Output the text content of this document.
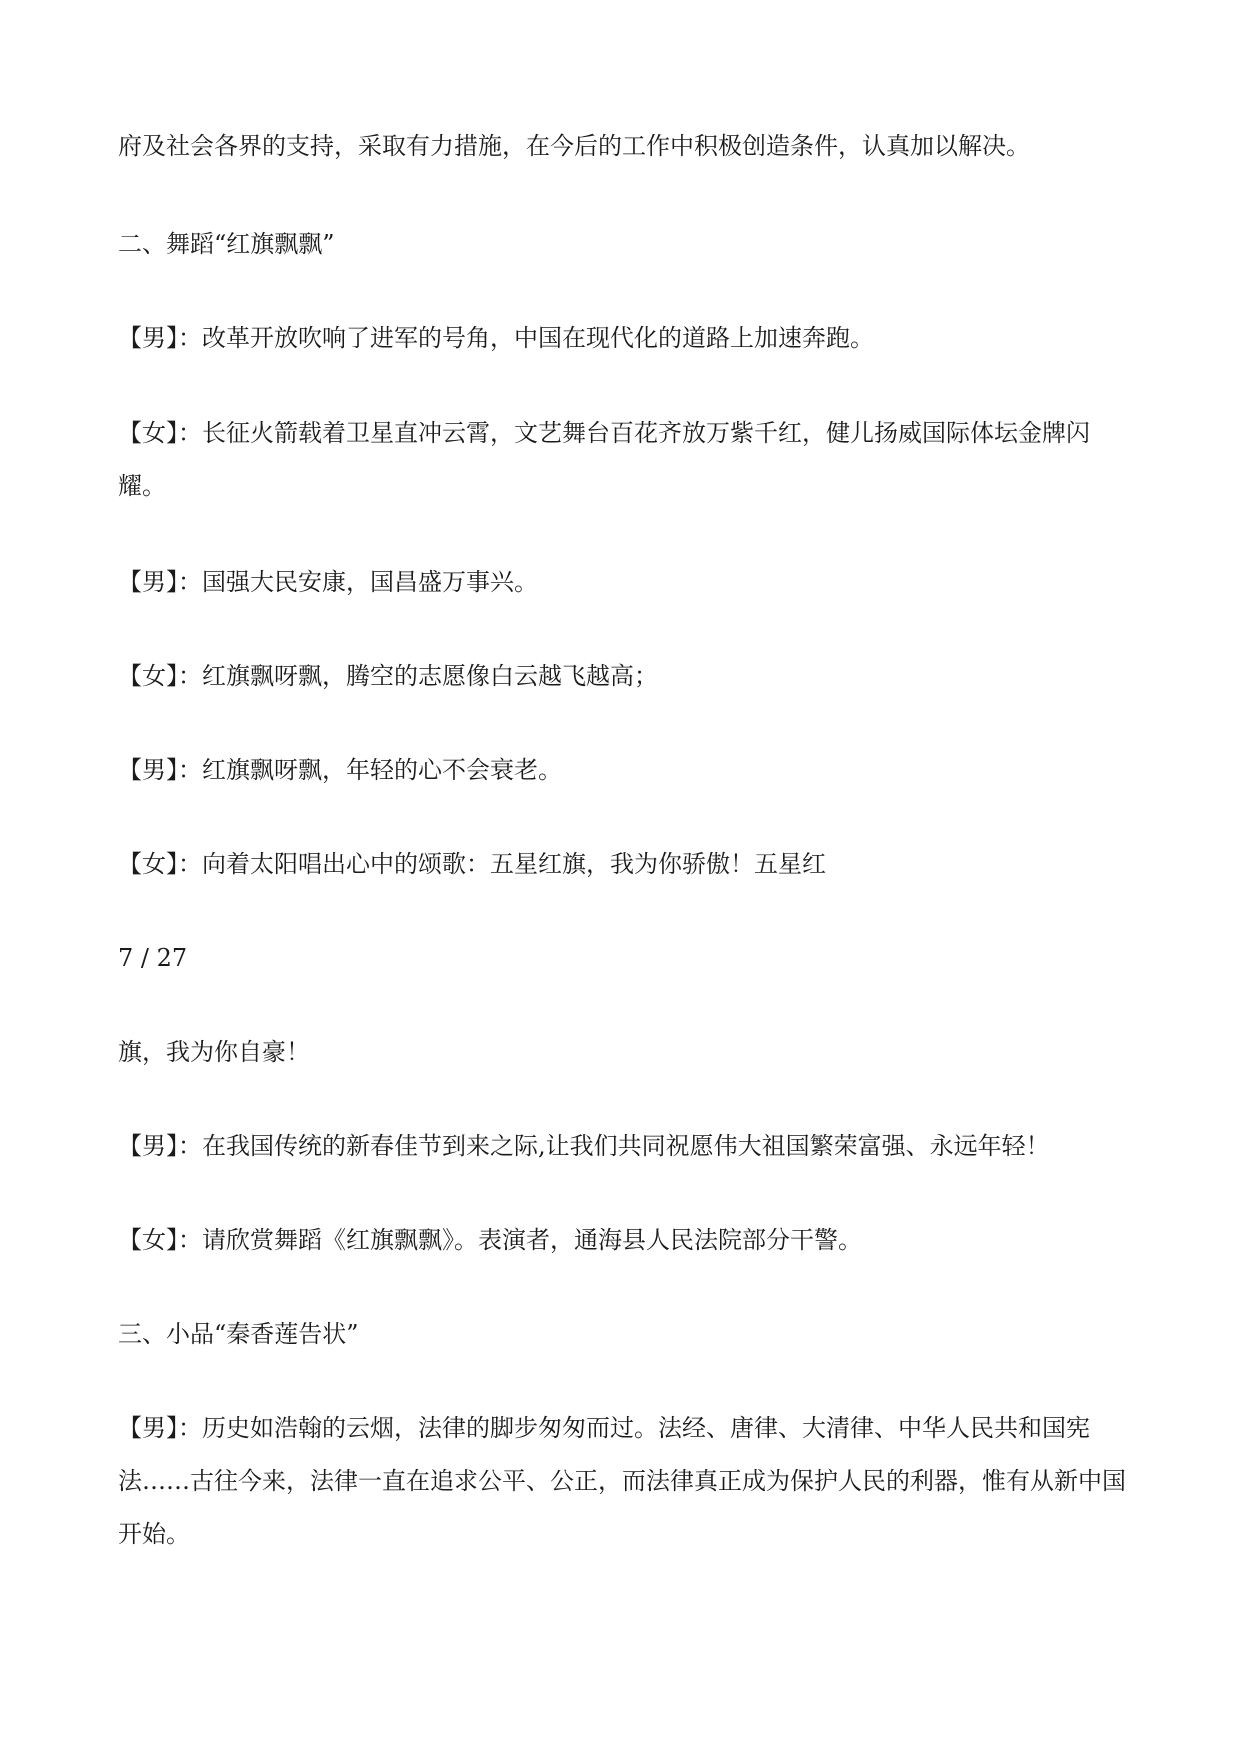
府及社会各界的支持，采取有力措施，在今后的工作中积极创造条件，认真加以解决。
二、舞蹈“红旗飘飘”
【男】：改革开放吹响了进军的号角，中国在现代化的道路上加速奔跑。
【女】：长征火箭载着卫星直冲云霄，文艺舞台百花齐放万紫千红，健儿扬威国际体坛金牌闪耀。
【男】：国强大民安康，国昌盛万事兴。
【女】：红旗飘呀飘，腾空的志愿像白云越飞越高；
【男】：红旗飘呀飘，年轻的心不会衰老。
【女】：向着太阳唱出心中的颂歌：五星红旗，我为你骄傲！五星红
7 / 27
旗，我为你自豪！
【男】：在我国传统的新春佳节到来之际,让我们共同祝愿伟大祖国繁荣富强、永远年轻！
【女】：请欣赏舞蹈《红旗飘飘》。表演者，通海县人民法院部分干警。
三、小品“秦香莲告状”
【男】：历史如浩翰的云烟，法律的脚步匆匆而过。法经、唐律、大清律、中华人民共和国宪法……古往今来，法律一直在追求公平、公正，而法律真正成为保护人民的利器，惟有从新中国开始。
